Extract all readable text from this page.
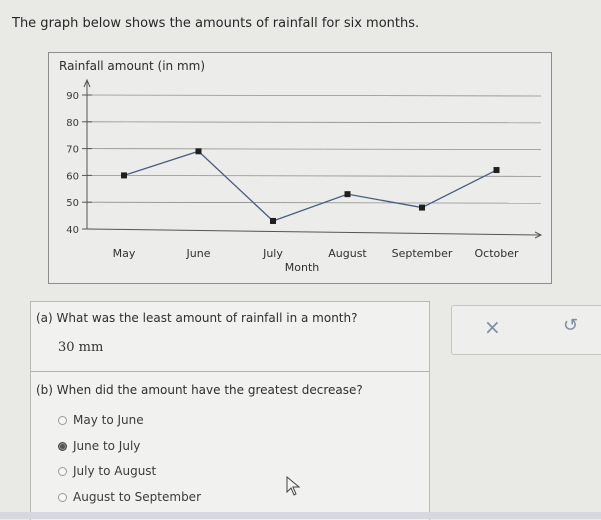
The graph below shows the amounts of rainfall for six months.
Rainfall amount (in mm)
40
50
60
70
80
90
May	June	July	August September October
Month
(a) What was the least amount of rainfall in a month?
30 mm
(b) When did the amount have the greatest decrease?
May to June
June to July
July to August
August to September
×	↺
